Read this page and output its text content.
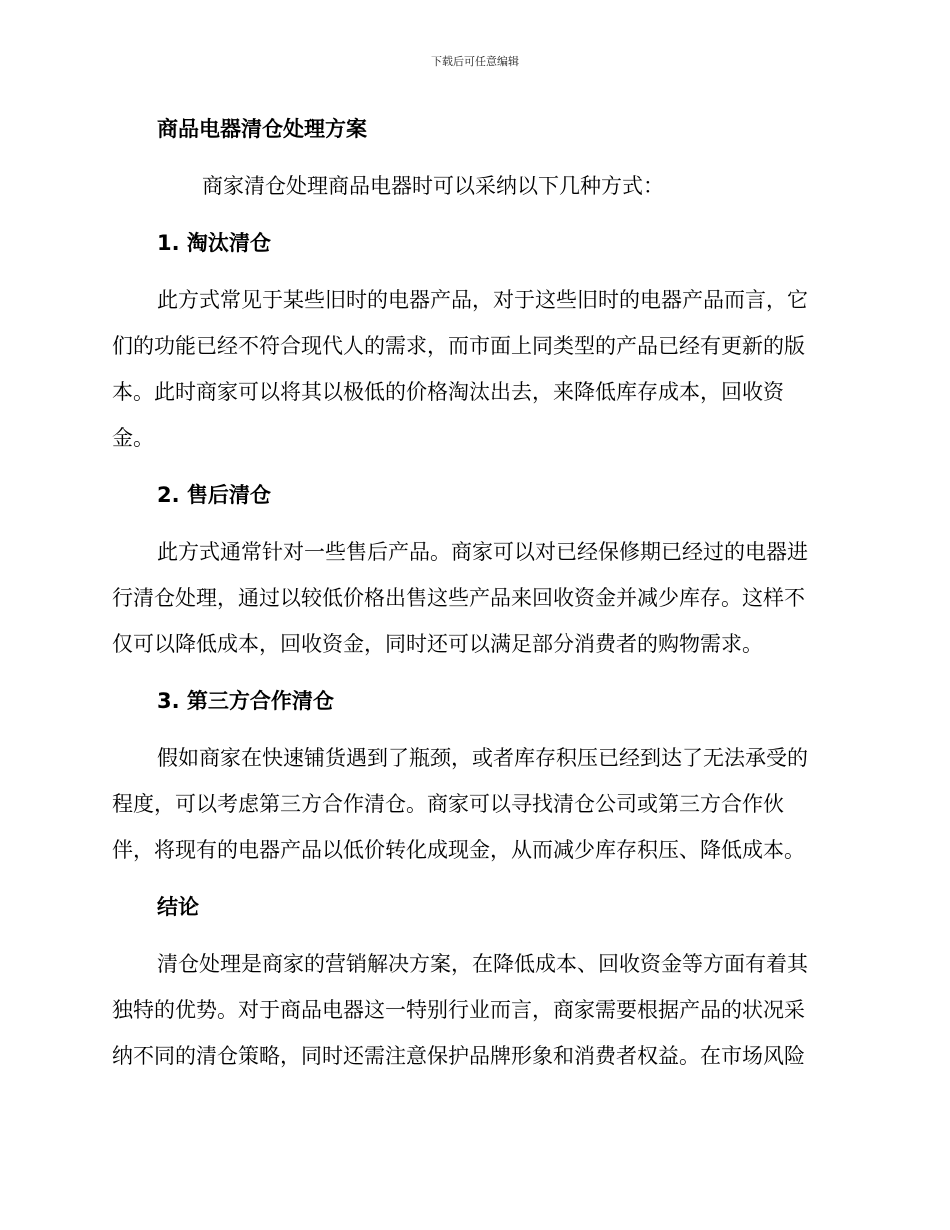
下载后可任意编辑
商品电器清仓处理方案
商家清仓处理商品电器时可以采纳以下几种方式：
1. 淘汰清仓
此方式常见于某些旧时的电器产品，对于这些旧时的电器产品而言，它
们的功能已经不符合现代人的需求，而市面上同类型的产品已经有更新的版
本。此时商家可以将其以极低的价格淘汰出去，来降低库存成本，回收资
金。
2. 售后清仓
此方式通常针对一些售后产品。商家可以对已经保修期已经过的电器进
行清仓处理，通过以较低价格出售这些产品来回收资金并减少库存。这样不
仅可以降低成本，回收资金，同时还可以满足部分消费者的购物需求。
3. 第三方合作清仓
假如商家在快速铺货遇到了瓶颈，或者库存积压已经到达了无法承受的
程度，可以考虑第三方合作清仓。商家可以寻找清仓公司或第三方合作伙
伴，将现有的电器产品以低价转化成现金，从而减少库存积压、降低成本。
结论
清仓处理是商家的营销解决方案，在降低成本、回收资金等方面有着其
独特的优势。对于商品电器这一特别行业而言，商家需要根据产品的状况采
纳不同的清仓策略，同时还需注意保护品牌形象和消费者权益。在市场风险
